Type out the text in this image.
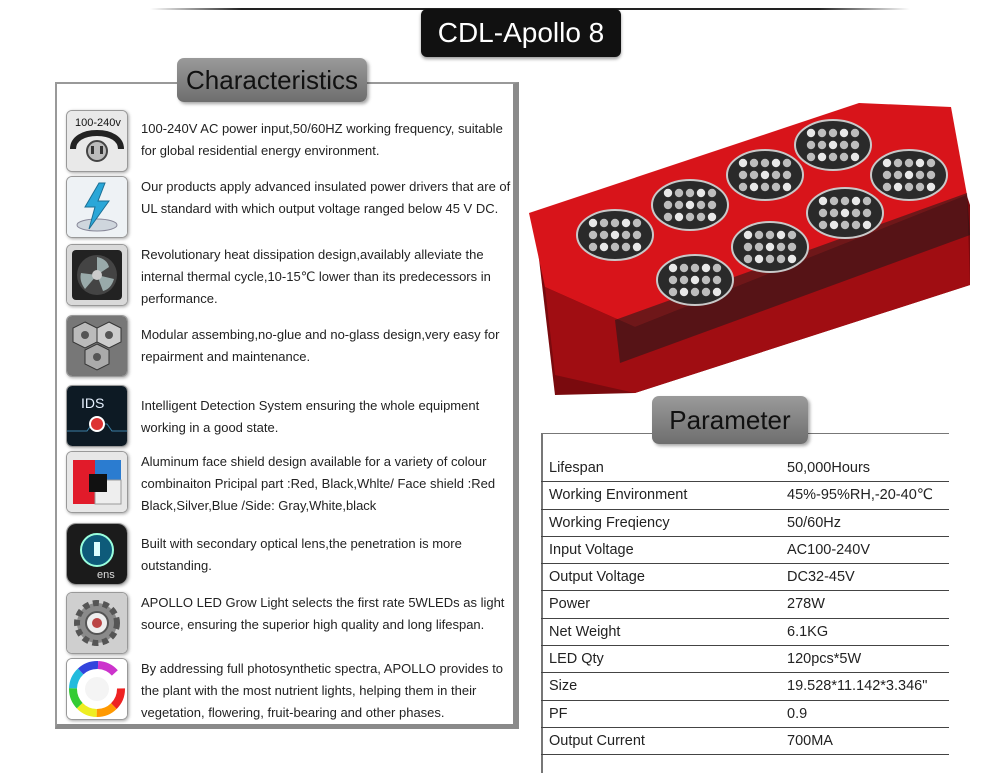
CDL-Apollo 8
Characteristics
100-240v 100-240V AC power input,50/60HZ working frequency, suitable for global residential energy environment.
Our products apply advanced insulated power drivers that are of UL standard with which output voltage ranged below 45 V DC.
Revolutionary heat dissipation design,availably alleviate the internal thermal cycle,10-15℃ lower than its predecessors in performance.
Modular assembing,no-glue and no-glass design,very easy for repairment and maintenance.
IDS	Intelligent Detection System ensuring the whole equipment working in a good state.
Aluminum face shield design available for a variety of colour combinaiton Pricipal part :Red, Black,Whlte/ Face shield :Red Black,Silver,Blue /Side: Gray,White,black
ens
Built with secondary optical lens,the penetration is more outstanding.
APOLLO LED Grow Light selects the first rate 5WLEDs as light source, ensuring the superior high quality and long lifespan.
By addressing full photosynthetic spectra, APOLLO provides to the plant with the most nutrient lights, helping them in their vegetation, flowering, fruit-bearing and other phases.
Parameter
Lifespan	50,000Hours
Working Environment	45%-95%RH,-20-40℃
Working Freqiency	50/60Hz
Input Voltage	AC100-240V
Output Voltage	DC32-45V
Power	278W
Net Weight	6.1KG
LED Qty	120pcs*5W
Size	19.528*11.142*3.346"
PF	0.9
Output Current	700MA
